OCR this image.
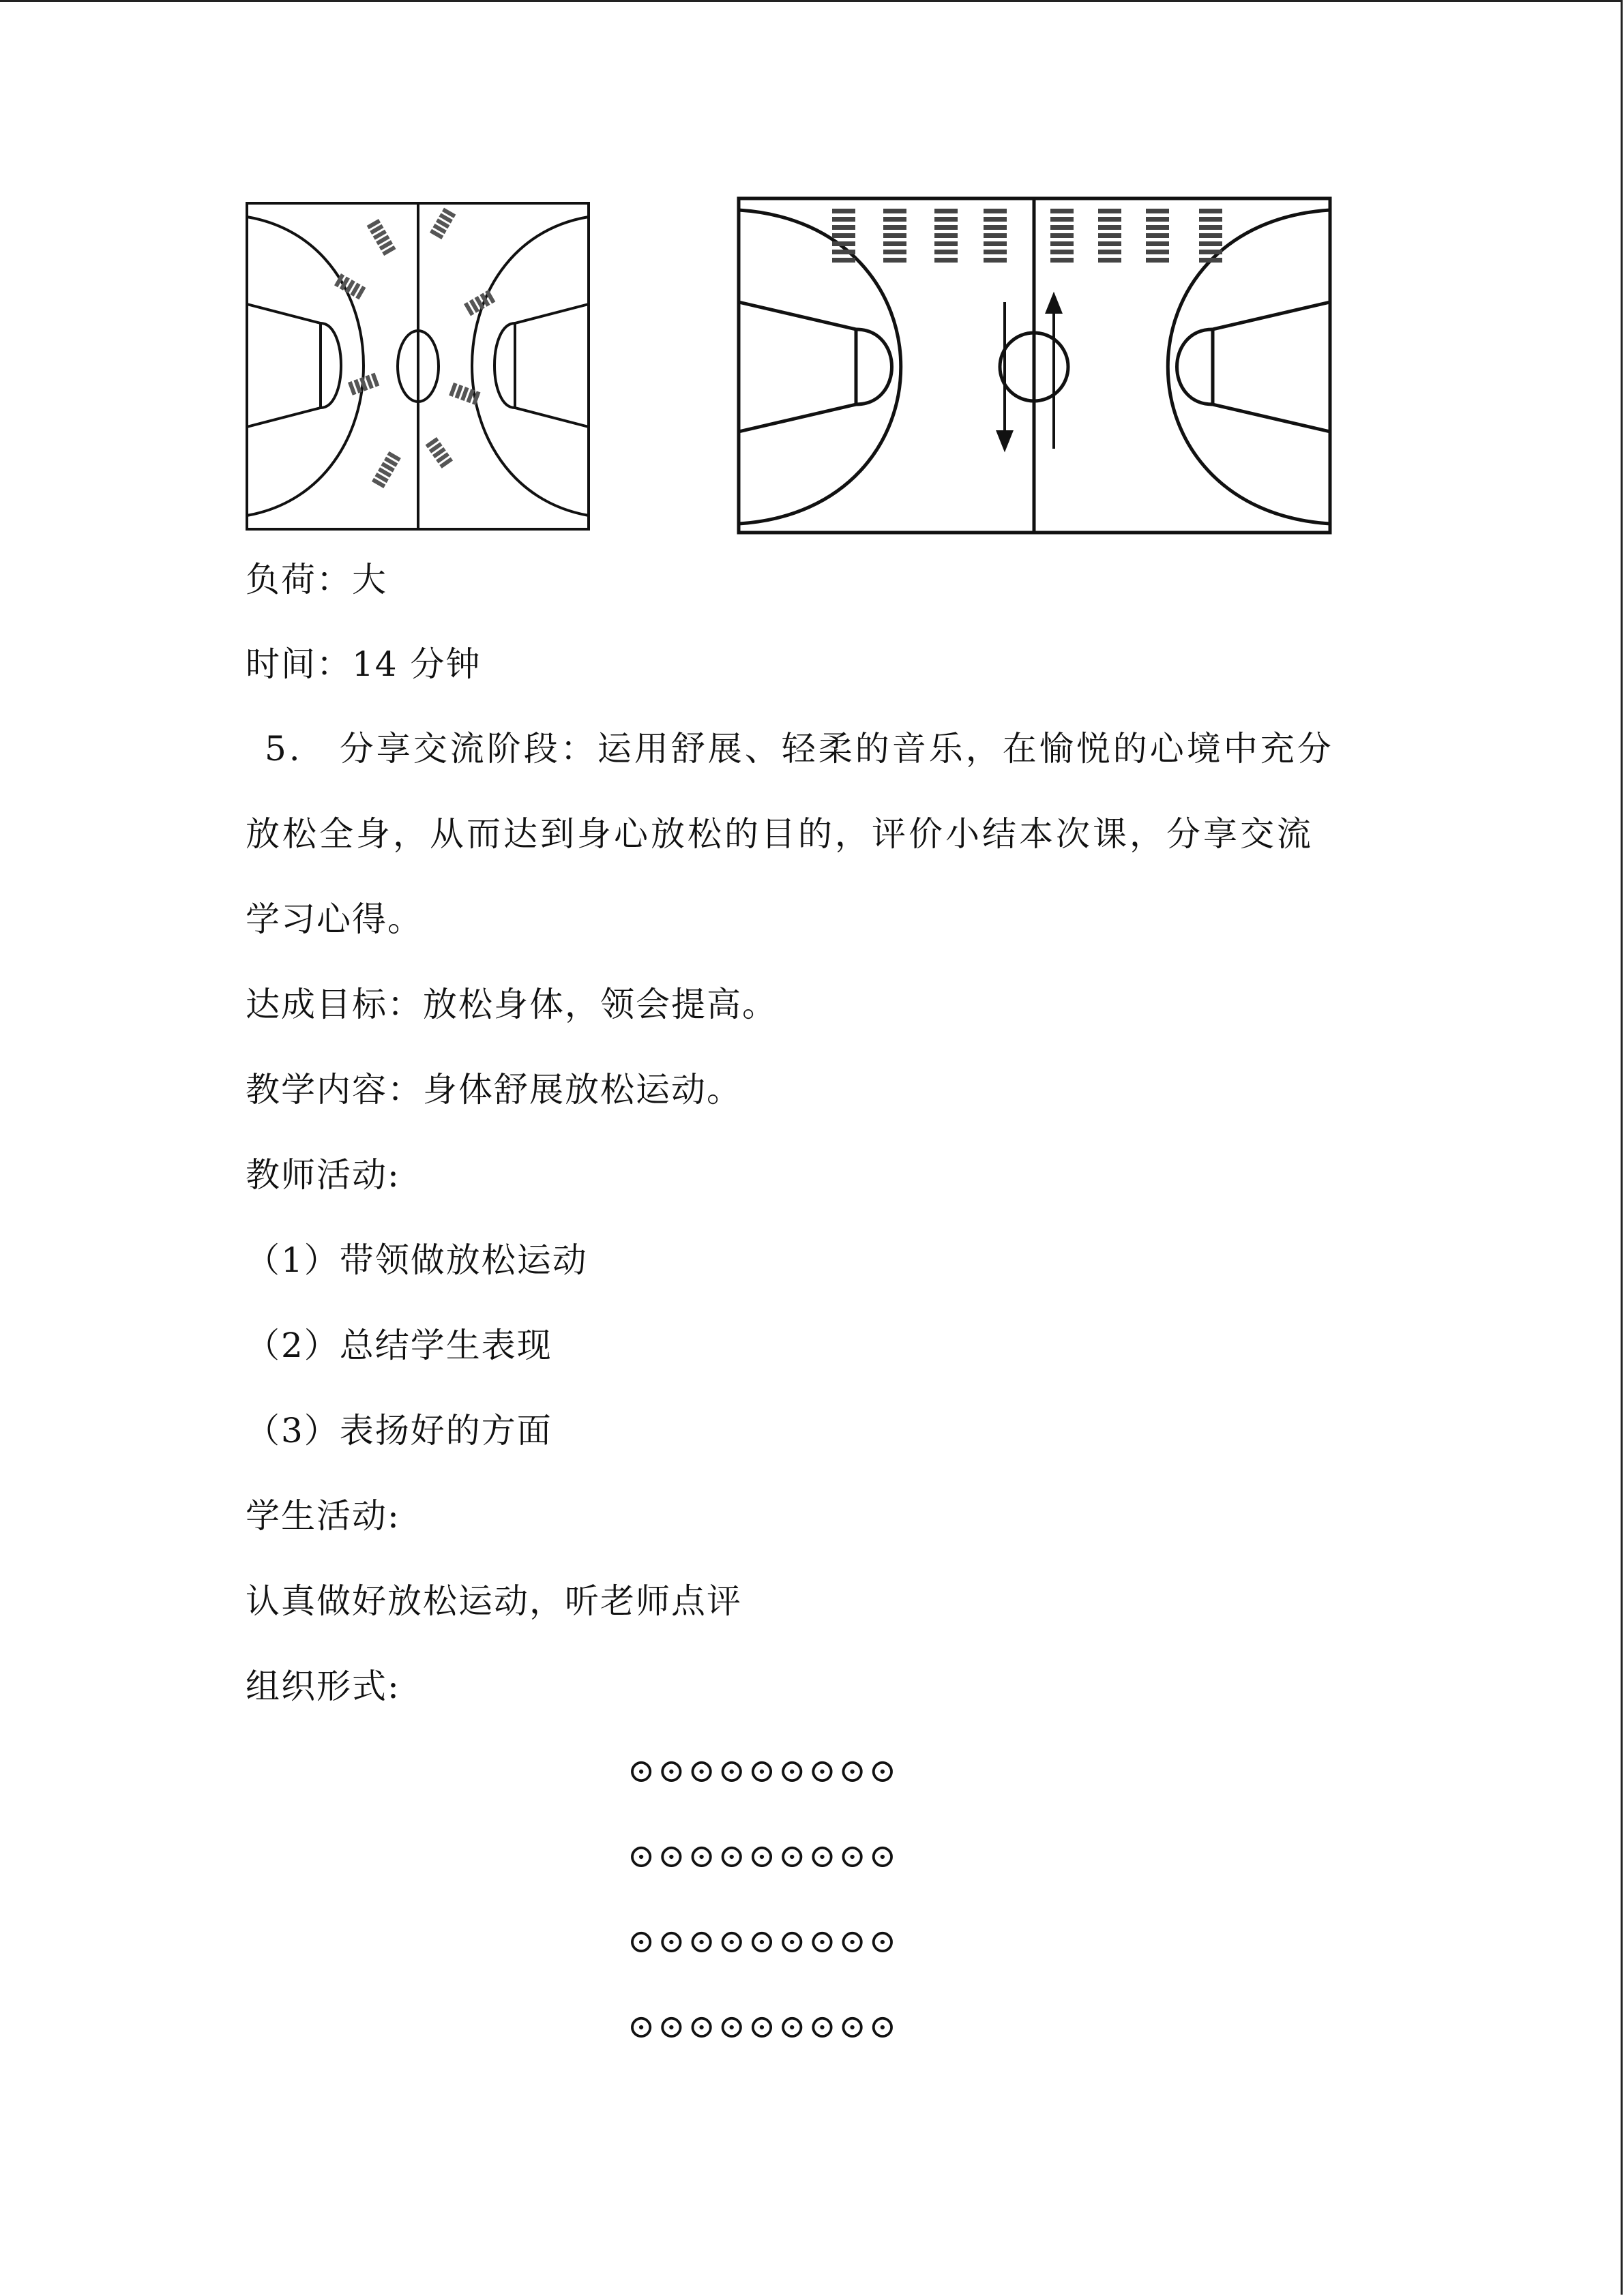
负荷：大
时间：14 分钟
5.　分享交流阶段：运用舒展、轻柔的音乐，在愉悦的心境中充分
放松全身，从而达到身心放松的目的，评价小结本次课，分享交流
学习心得。
达成目标：放松身体，领会提高。
教学内容：身体舒展放松运动。
教师活动:
（1）带领做放松运动
（2）总结学生表现
（3）表扬好的方面
学生活动:
认真做好放松运动，听老师点评
组织形式:
⊙⊙⊙⊙⊙⊙⊙⊙⊙
⊙⊙⊙⊙⊙⊙⊙⊙⊙
⊙⊙⊙⊙⊙⊙⊙⊙⊙
⊙⊙⊙⊙⊙⊙⊙⊙⊙
